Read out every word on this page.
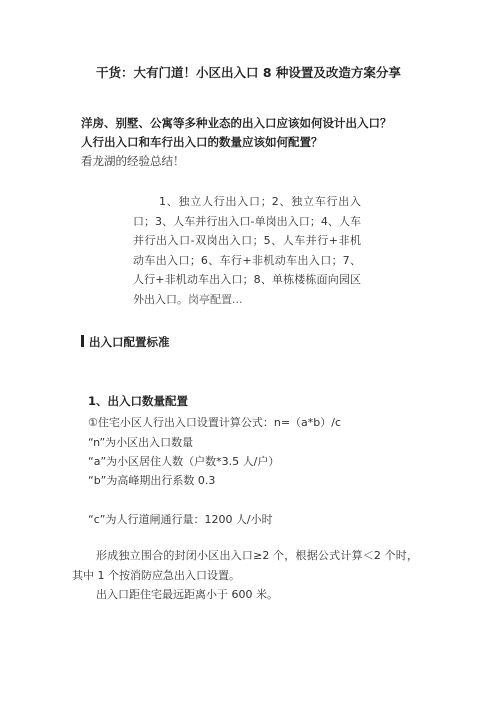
干货：大有门道！小区出入口 8 种设置及改造方案分享
洋房、别墅、公寓等多种业态的出入口应该如何设计出入口？
人行出入口和车行出入口的数量应该如何配置？
看龙湖的经验总结！
1、独立人行出入口；2、独立车行出入口；3、人车并行出入口-单岗出入口；4、人车并行出入口-双岗出入口；5、人车并行+非机动车出入口；6、车行+非机动车出入口；7、人行+非机动车出入口；8、单栋楼栋面向园区外出入口。岗亭配置...
出入口配置标准
1、出入口数量配置
①住宅小区人行出入口设置计算公式：n=（a*b）/c
“n”为小区出入口数量
“a”为小区居住人数（户数*3.5 人/户）
“b”为高峰期出行系数 0.3
“c”为人行道闸通行量：1200 人/小时
形成独立围合的封闭小区出入口≥2 个，根据公式计算＜2 个时，其中 1 个按消防应急出入口设置。
出入口距住宅最远距离小于 600 米。
